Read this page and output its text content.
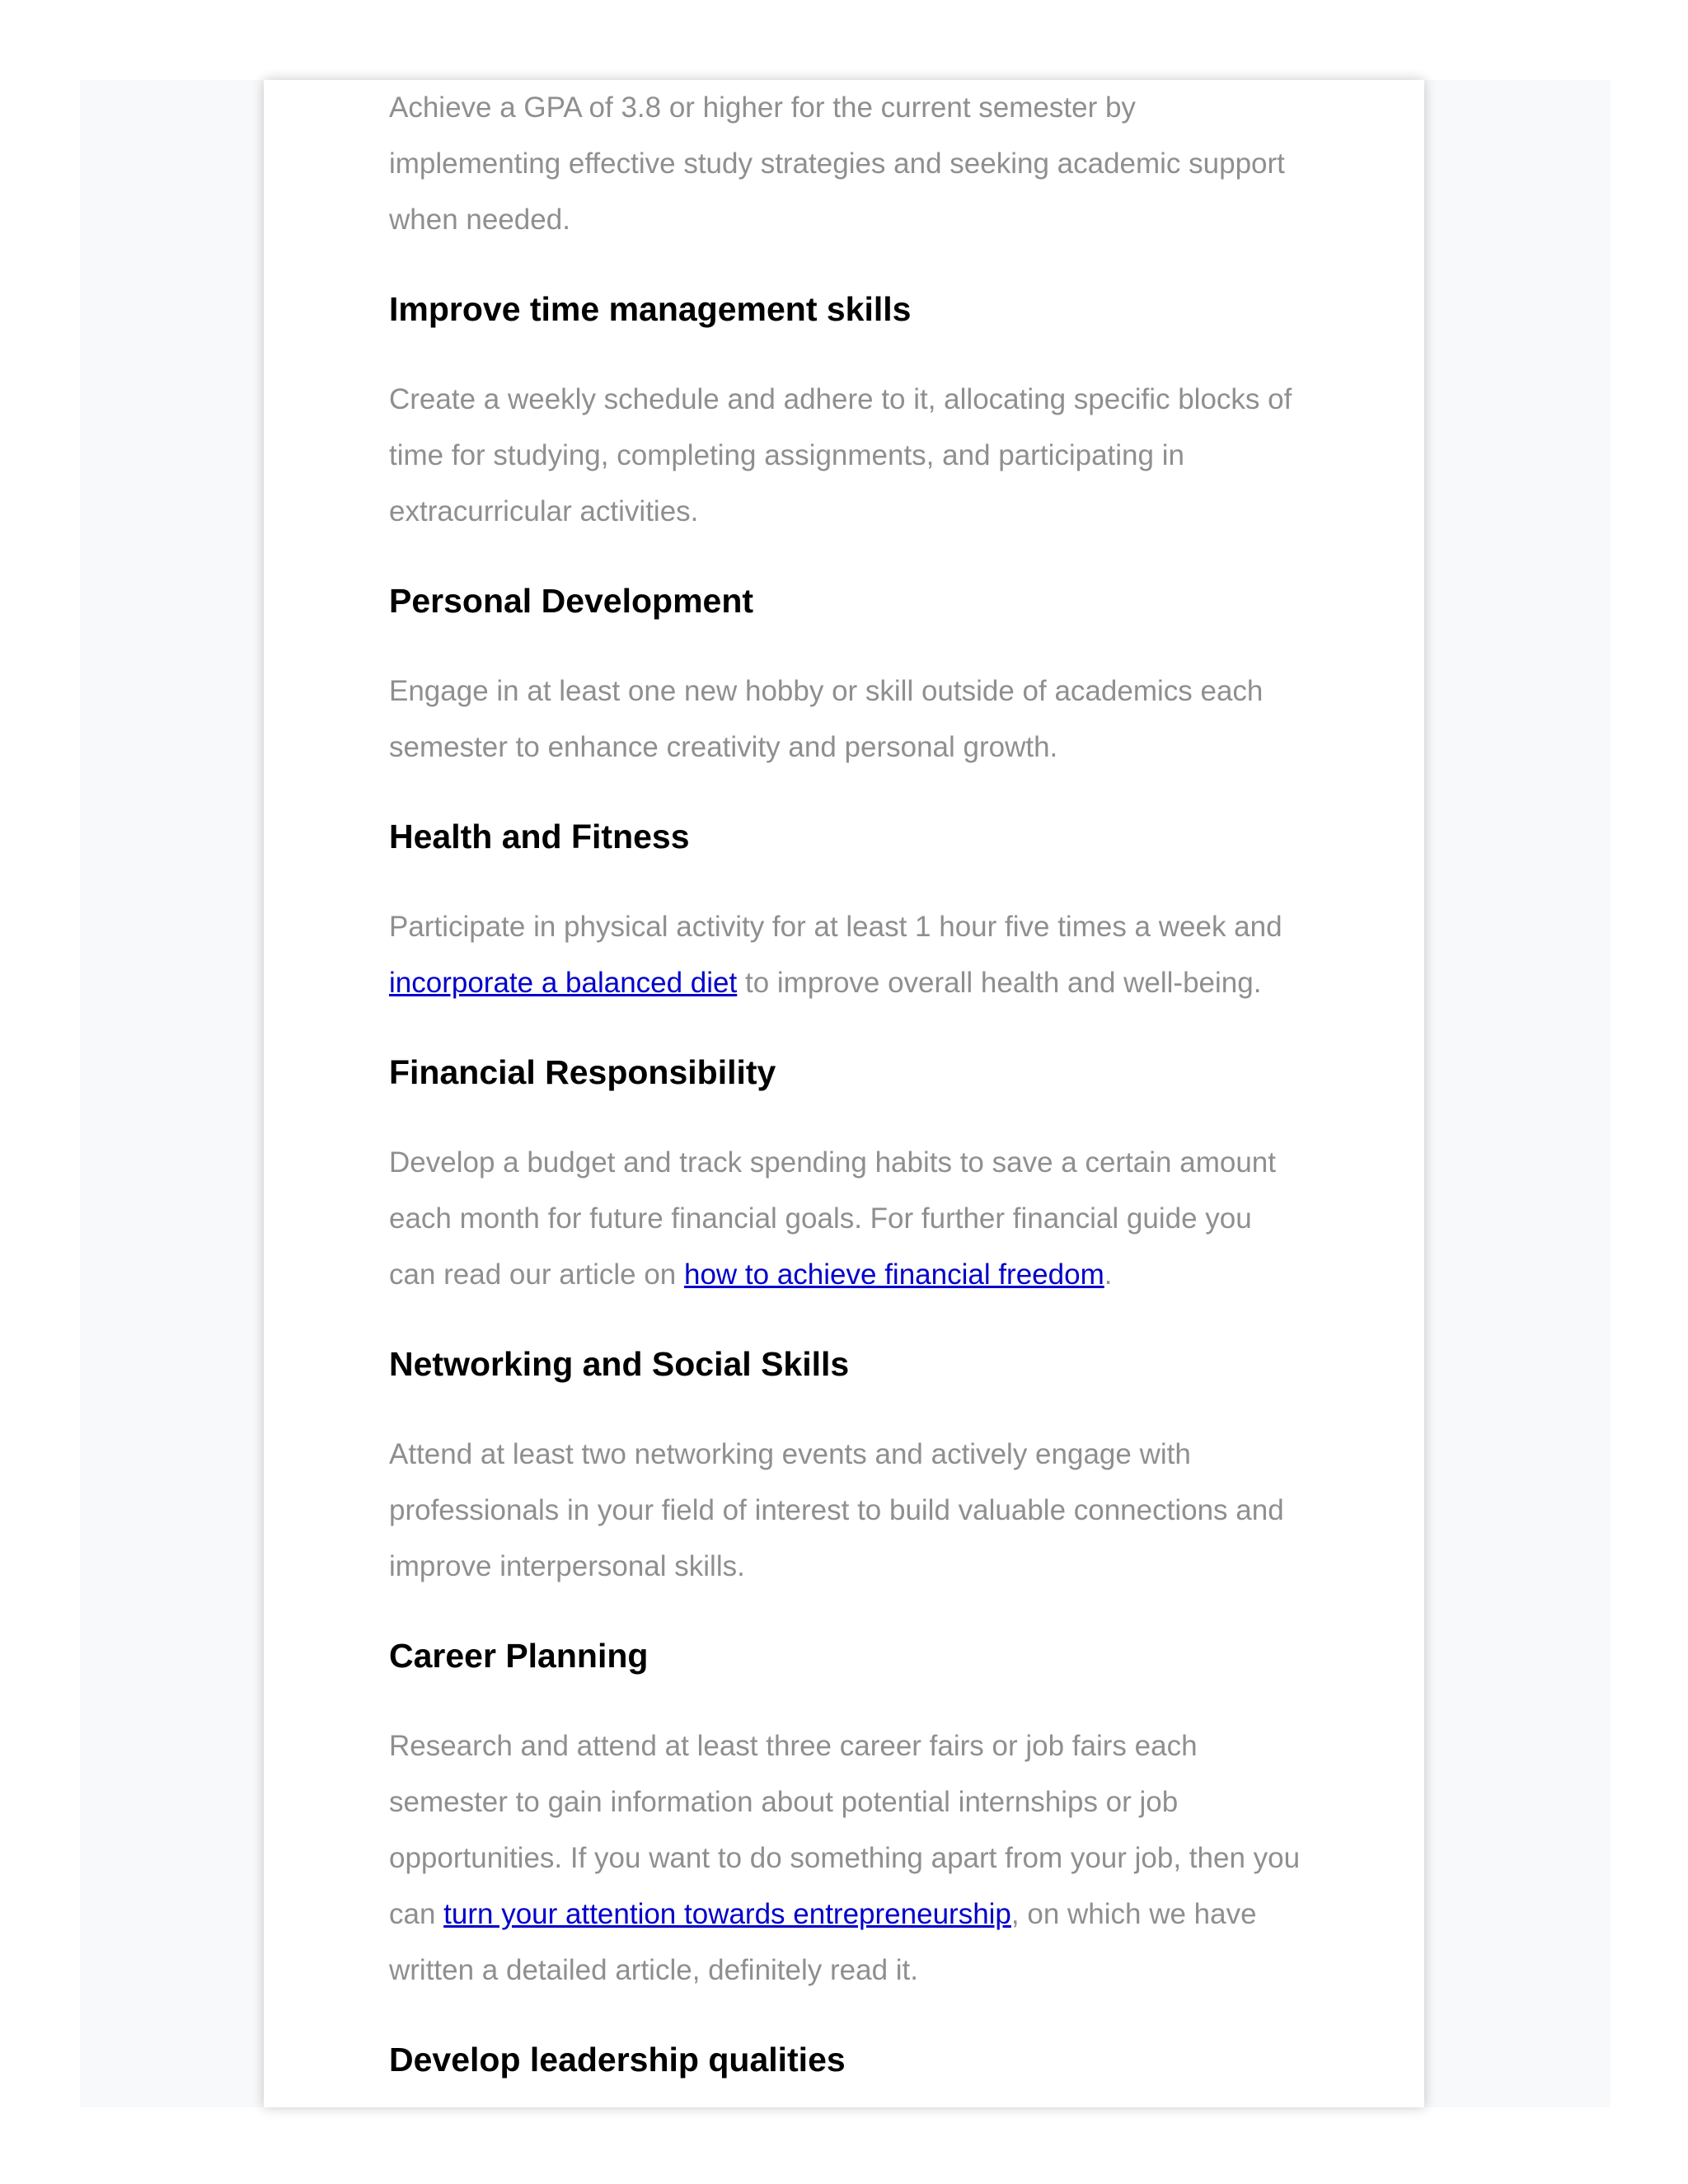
Achieve a GPA of 3.8 or higher for the current semester by implementing effective study strategies and seeking academic support when needed.

Improve time management skills

Create a weekly schedule and adhere to it, allocating specific blocks of time for studying, completing assignments, and participating in extracurricular activities.

Personal Development

Engage in at least one new hobby or skill outside of academics each semester to enhance creativity and personal growth.

Health and Fitness

Participate in physical activity for at least 1 hour five times a week and incorporate a balanced diet to improve overall health and well-being.

Financial Responsibility

Develop a budget and track spending habits to save a certain amount each month for future financial goals. For further financial guide you can read our article on how to achieve financial freedom.

Networking and Social Skills

Attend at least two networking events and actively engage with professionals in your field of interest to build valuable connections and improve interpersonal skills.

Career Planning

Research and attend at least three career fairs or job fairs each semester to gain information about potential internships or job opportunities. If you want to do something apart from your job, then you can turn your attention towards entrepreneurship, on which we have written a detailed article, definitely read it.

Develop leadership qualities
